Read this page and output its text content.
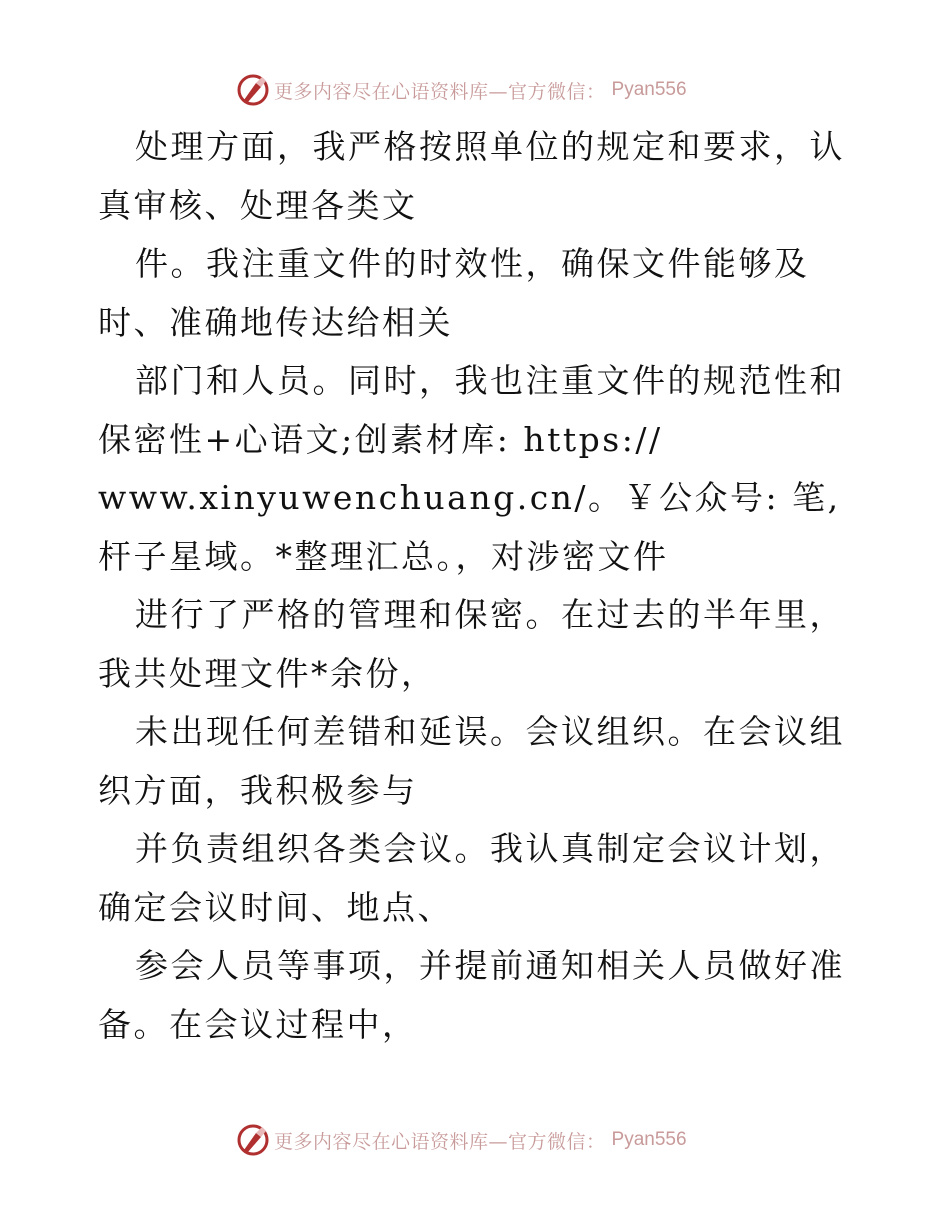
更多内容尽在心语资料库—官方微信： Pyan556

处理方面，我严格按照单位的规定和要求，认真审核、处理各类文

件。我注重文件的时效性，确保文件能够及时、准确地传达给相关

部门和人员。同时，我也注重文件的规范性和保密性+心语文;创素材库: https://

www.xinyuwenchuang.cn/。￥公众号: 笔,杆子星域。*整理汇总。，对涉密文件

进行了严格的管理和保密。在过去的半年里，我共处理文件*余份，

未出现任何差错和延误。会议组织。在会议组织方面，我积极参与

并负责组织各类会议。我认真制定会议计划，确定会议时间、地点、

参会人员等事项，并提前通知相关人员做好准备。在会议过程中，

更多内容尽在心语资料库—官方微信： Pyan556
